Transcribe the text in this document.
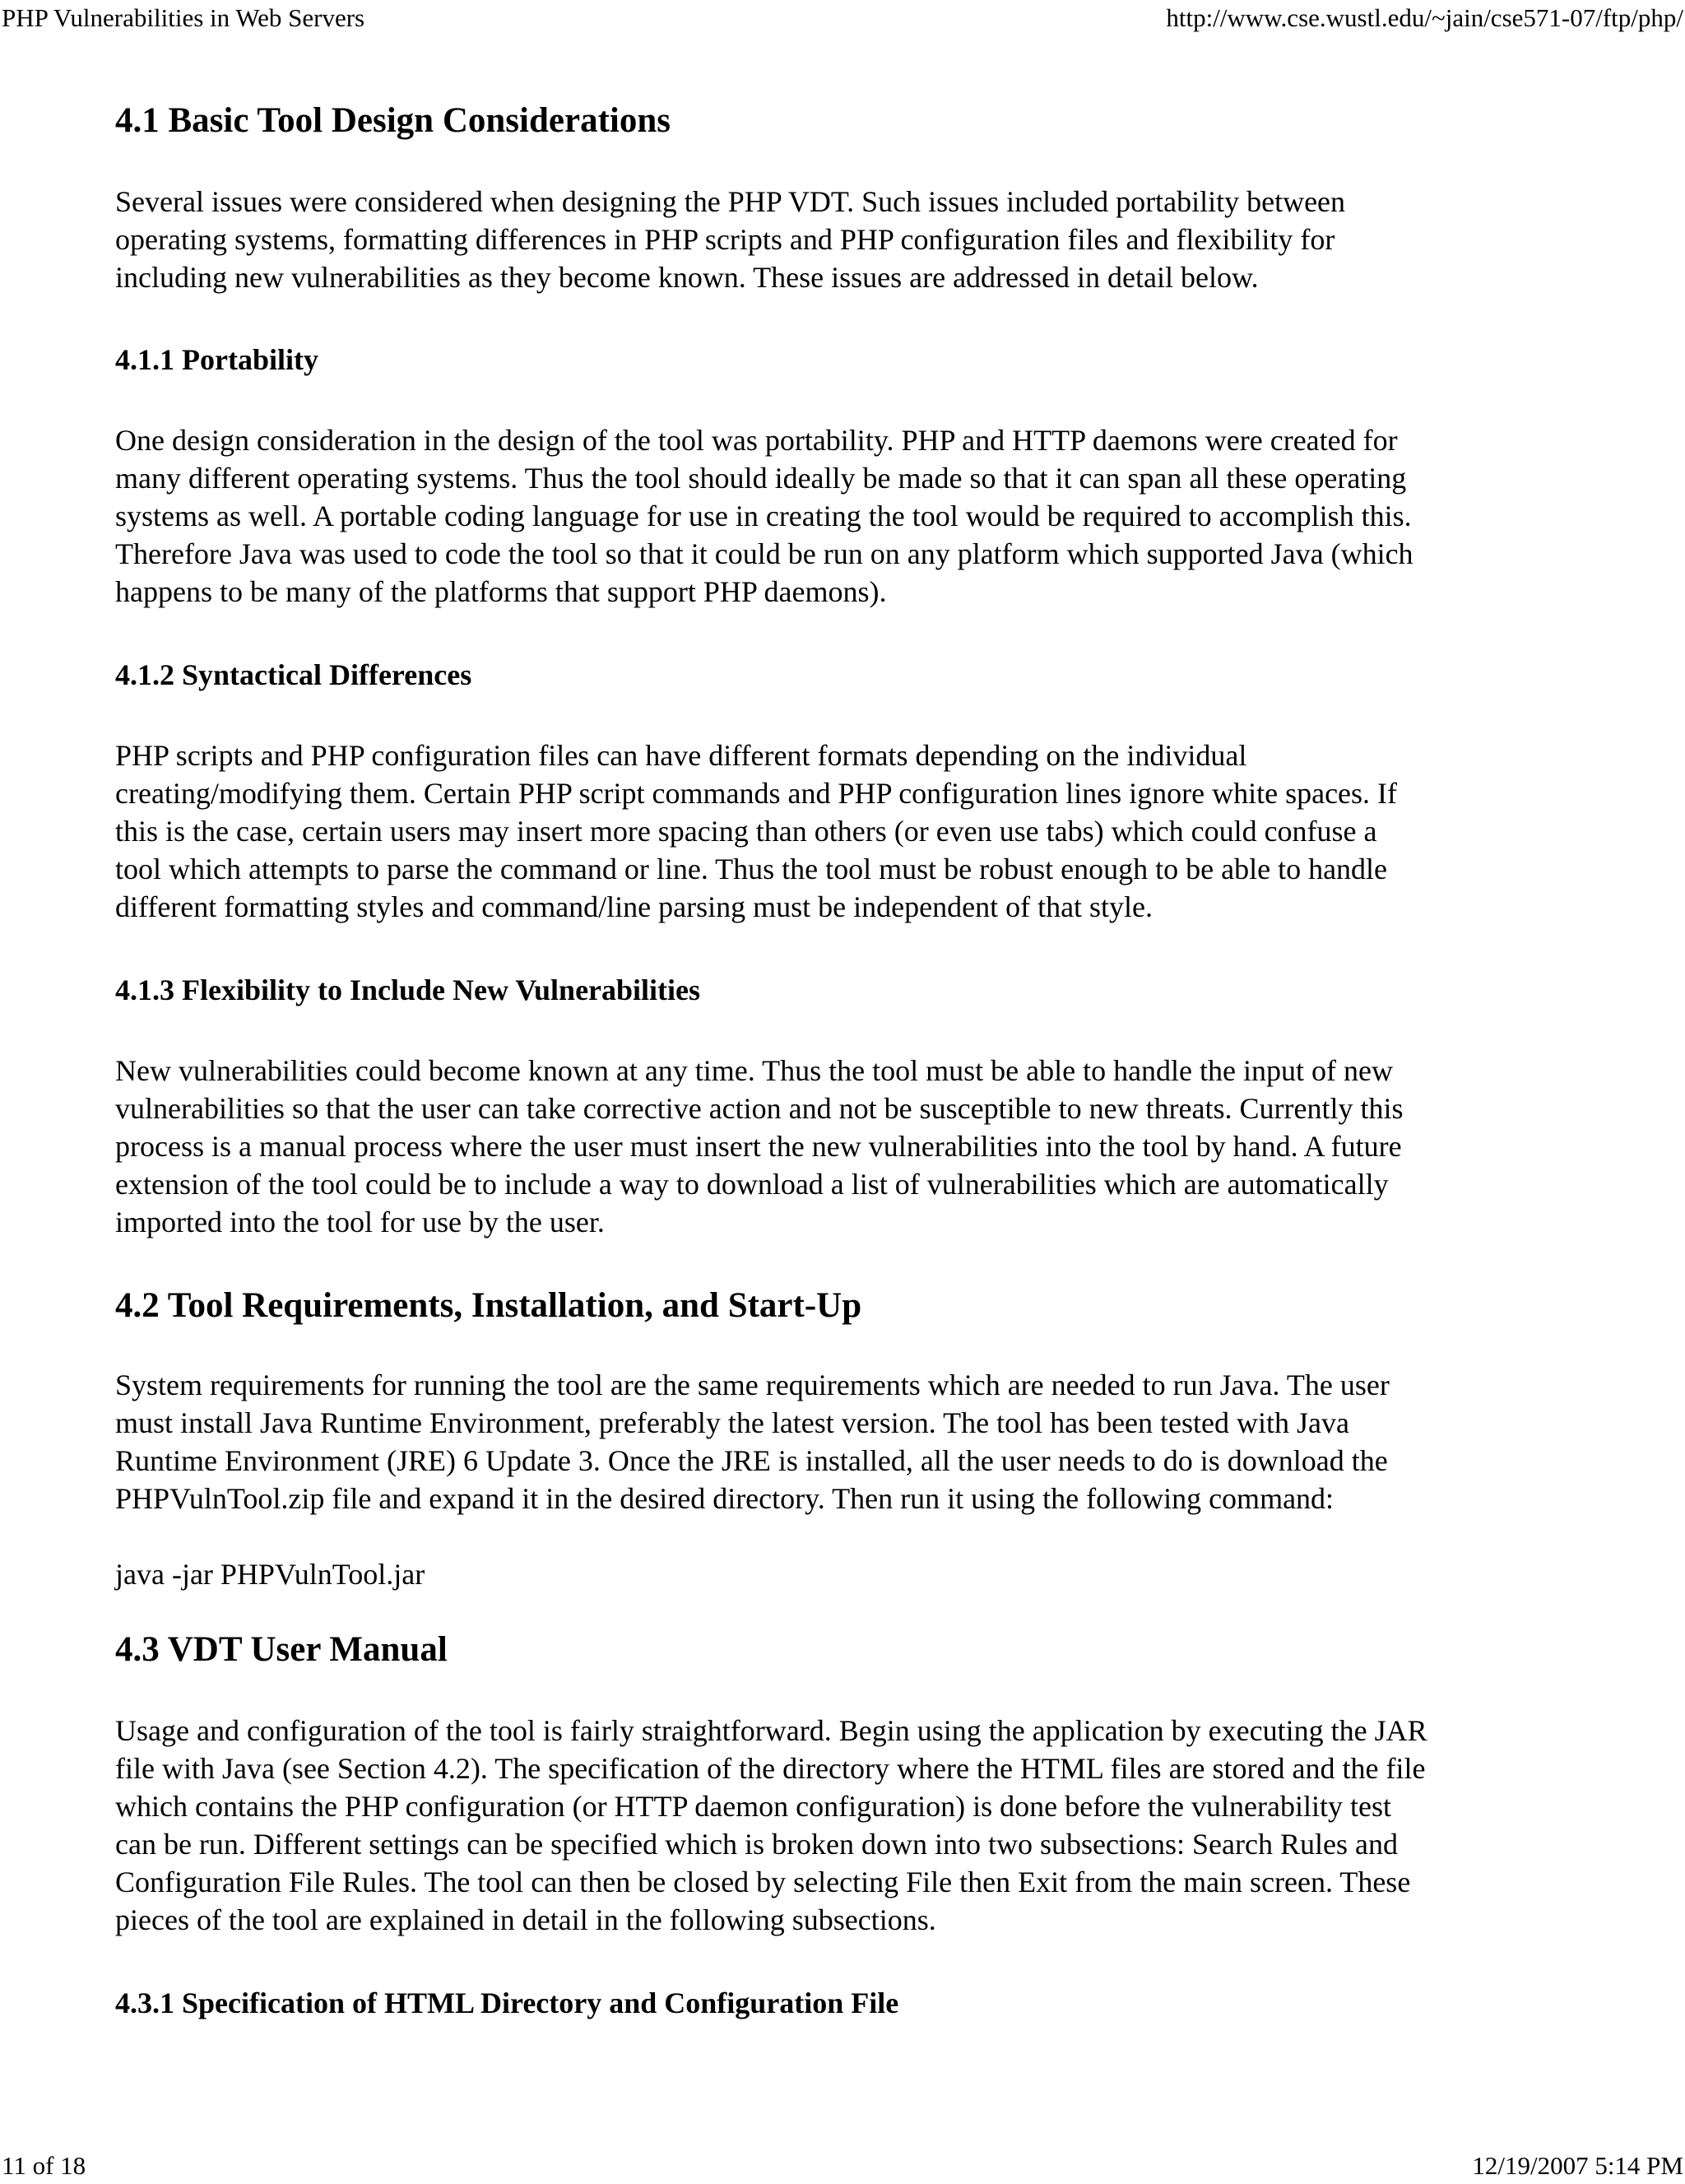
PHP Vulnerabilities in Web Servers	http://www.cse.wustl.edu/~jain/cse571-07/ftp/php/
4.1 Basic Tool Design Considerations
Several issues were considered when designing the PHP VDT. Such issues included portability between
operating systems, formatting differences in PHP scripts and PHP configuration files and flexibility for
including new vulnerabilities as they become known. These issues are addressed in detail below.
4.1.1 Portability
One design consideration in the design of the tool was portability. PHP and HTTP daemons were created for
many different operating systems. Thus the tool should ideally be made so that it can span all these operating
systems as well. A portable coding language for use in creating the tool would be required to accomplish this.
Therefore Java was used to code the tool so that it could be run on any platform which supported Java (which
happens to be many of the platforms that support PHP daemons).
4.1.2 Syntactical Differences
PHP scripts and PHP configuration files can have different formats depending on the individual
creating/modifying them. Certain PHP script commands and PHP configuration lines ignore white spaces. If
this is the case, certain users may insert more spacing than others (or even use tabs) which could confuse a
tool which attempts to parse the command or line. Thus the tool must be robust enough to be able to handle
different formatting styles and command/line parsing must be independent of that style.
4.1.3 Flexibility to Include New Vulnerabilities
New vulnerabilities could become known at any time. Thus the tool must be able to handle the input of new
vulnerabilities so that the user can take corrective action and not be susceptible to new threats. Currently this
process is a manual process where the user must insert the new vulnerabilities into the tool by hand. A future
extension of the tool could be to include a way to download a list of vulnerabilities which are automatically
imported into the tool for use by the user.
4.2 Tool Requirements, Installation, and Start-Up
System requirements for running the tool are the same requirements which are needed to run Java. The user
must install Java Runtime Environment, preferably the latest version. The tool has been tested with Java
Runtime Environment (JRE) 6 Update 3. Once the JRE is installed, all the user needs to do is download the
PHPVulnTool.zip file and expand it in the desired directory. Then run it using the following command:
java -jar PHPVulnTool.jar
4.3 VDT User Manual
Usage and configuration of the tool is fairly straightforward. Begin using the application by executing the JAR
file with Java (see Section 4.2). The specification of the directory where the HTML files are stored and the file
which contains the PHP configuration (or HTTP daemon configuration) is done before the vulnerability test
can be run. Different settings can be specified which is broken down into two subsections: Search Rules and
Configuration File Rules. The tool can then be closed by selecting File then Exit from the main screen. These
pieces of the tool are explained in detail in the following subsections.
4.3.1 Specification of HTML Directory and Configuration File
11 of 18	12/19/2007 5:14 PM
